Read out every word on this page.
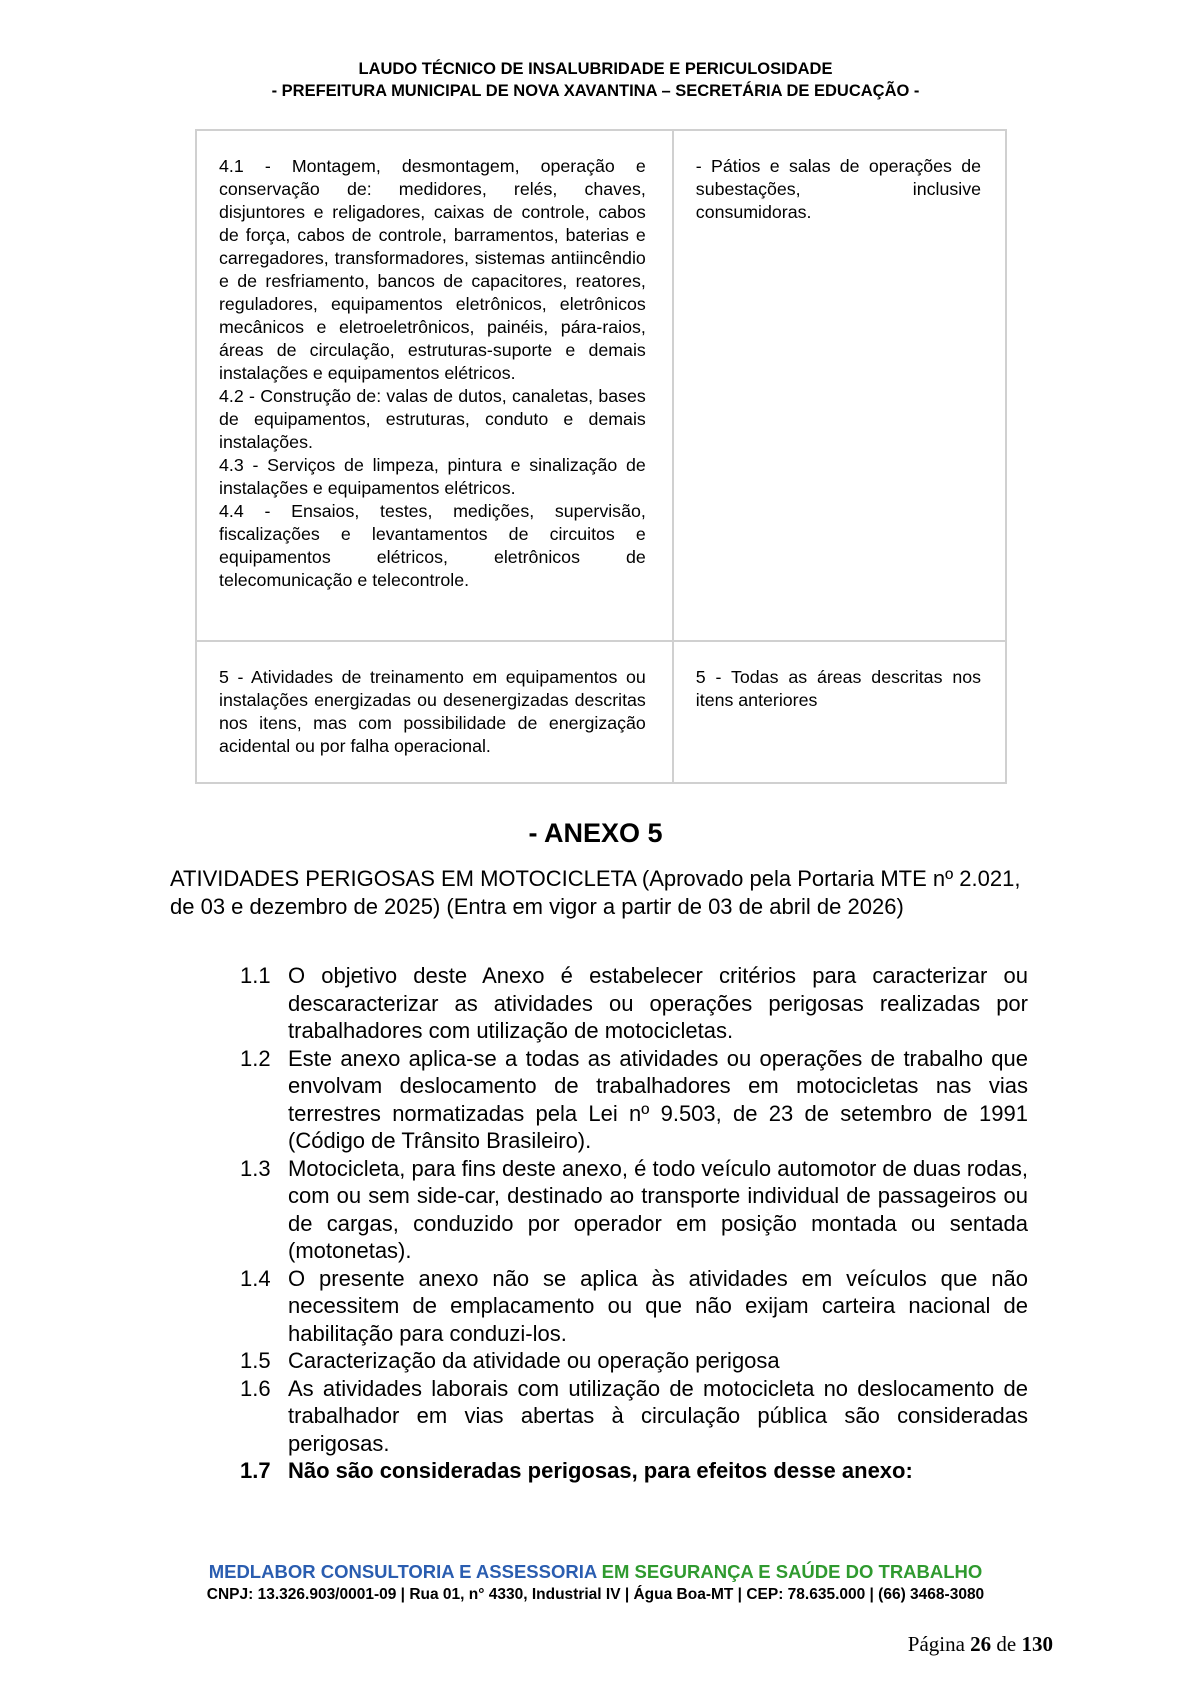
LAUDO TÉCNICO DE INSALUBRIDADE E PERICULOSIDADE
- PREFEITURA MUNICIPAL DE NOVA XAVANTINA – SECRETÁRIA DE EDUCAÇÃO -

4.1 - Montagem, desmontagem, operação e conservação de: medidores, relés, chaves, disjuntores e religadores, caixas de controle, cabos de força, cabos de controle, barramentos, baterias e carregadores, transformadores, sistemas antiincêndio e de resfriamento, bancos de capacitores, reatores, reguladores, equipamentos eletrônicos, eletrônicos mecânicos e eletroeletrônicos, painéis, pára-raios, áreas de circulação, estruturas-suporte e demais instalações e equipamentos elétricos.

4.2 - Construção de: valas de dutos, canaletas, bases de equipamentos, estruturas, conduto e demais instalações.

4.3 - Serviços de limpeza, pintura e sinalização de instalações e equipamentos elétricos.

4.4 - Ensaios, testes, medições, supervisão, fiscalizações e levantamentos de circuitos e equipamentos elétricos, eletrônicos de telecomunicação e telecontrole.

- Pátios e salas de operações de subestações, inclusive consumidoras.

5 - Atividades de treinamento em equipamentos ou instalações energizadas ou desenergizadas descritas nos itens, mas com possibilidade de energização acidental ou por falha operacional.

5 - Todas as áreas descritas nos itens anteriores

- ANEXO 5

ATIVIDADES PERIGOSAS EM MOTOCICLETA (Aprovado pela Portaria MTE nº 2.021, de 03 e dezembro de 2025) (Entra em vigor a partir de 03 de abril de 2026)

1.1 O objetivo deste Anexo é estabelecer critérios para caracterizar ou descaracterizar as atividades ou operações perigosas realizadas por trabalhadores com utilização de motocicletas.
1.2 Este anexo aplica-se a todas as atividades ou operações de trabalho que envolvam deslocamento de trabalhadores em motocicletas nas vias terrestres normatizadas pela Lei nº 9.503, de 23 de setembro de 1991 (Código de Trânsito Brasileiro).
1.3 Motocicleta, para fins deste anexo, é todo veículo automotor de duas rodas, com ou sem side-car, destinado ao transporte individual de passageiros ou de cargas, conduzido por operador em posição montada ou sentada (motonetas).
1.4 O presente anexo não se aplica às atividades em veículos que não necessitem de emplacamento ou que não exijam carteira nacional de habilitação para conduzi-los.
1.5 Caracterização da atividade ou operação perigosa
1.6 As atividades laborais com utilização de motocicleta no deslocamento de trabalhador em vias abertas à circulação pública são consideradas perigosas.
1.7 Não são consideradas perigosas, para efeitos desse anexo:
MEDLABOR CONSULTORIA E ASSESSORIA EM SEGURANÇA E SAÚDE DO TRABALHO
CNPJ: 13.326.903/0001-09 | Rua 01, n° 4330, Industrial IV | Água Boa-MT | CEP: 78.635.000 | (66) 3468-3080
Página 26 de 130
